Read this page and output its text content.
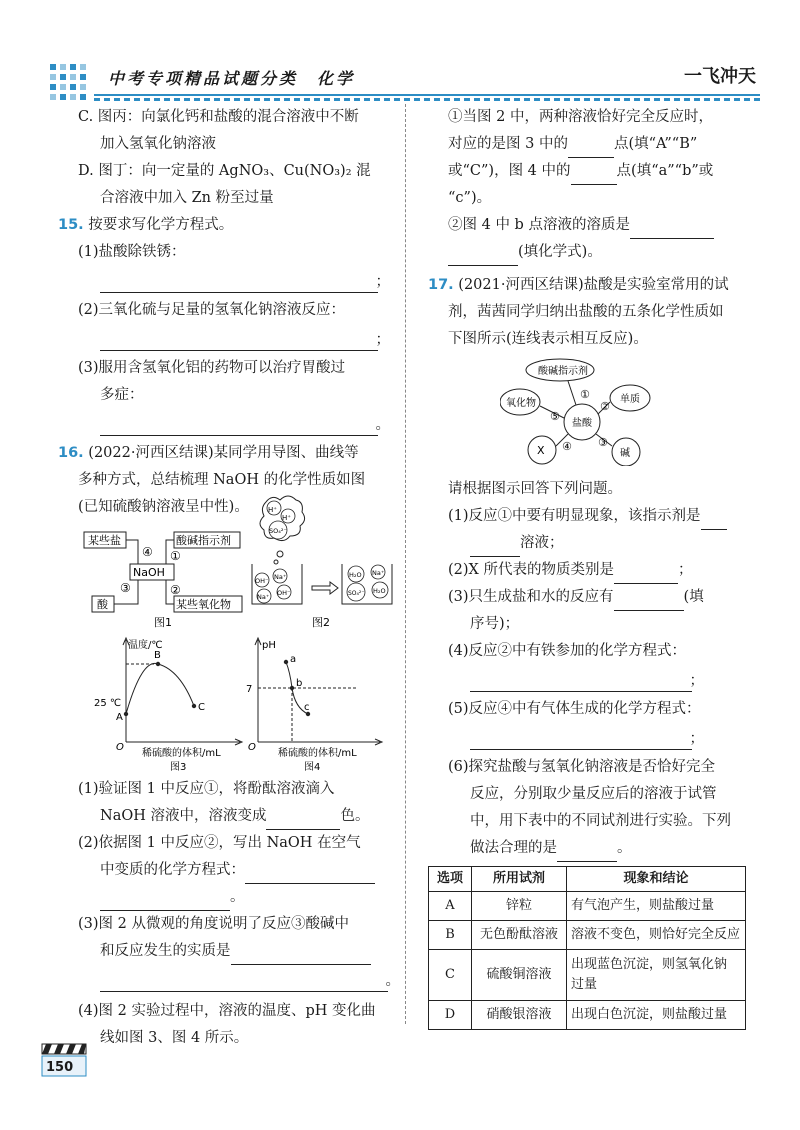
中考专项精品试题分类　化学	一飞冲天

C. 图丙：向氯化钙和盐酸的混合溶液中不断

加入氢氧化钠溶液

D. 图丁：向一定量的 AgNO₃、Cu(NO₃)₂ 混

合溶液中加入 Zn 粉至过量

15. 按要求写化学方程式。

(1)盐酸除铁锈：

；

(2)三氧化硫与足量的氢氧化钠溶液反应：

；

(3)服用含氢氧化铝的药物可以治疗胃酸过

多症：

。

16. (2022·河西区结课)某同学用导图、曲线等

多种方式，总结梳理 NaOH 的化学性质如图

(已知硫酸钠溶液呈中性)。

某些盐	酸碱指示剂
NaOH
酸	某些氧化物
①
②
③
④
图1
H⁺
H⁺
SO₄²⁻
OH⁻ Na⁺
Na⁺ OH⁻
H₂O Na⁺
SO₄²⁻ H₂O
图2
温度/℃
25 ℃
A
B
C
O
稀硫酸的体积/mL
图3
pH
7
a
b
c
O
稀硫酸的体积/mL
图4

(1)验证图 1 中反应①，将酚酞溶液滴入

NaOH 溶液中，溶液变成	色。

(2)依据图 1 中反应②，写出 NaOH 在空气

中变质的化学方程式：

。

(3)图 2 从微观的角度说明了反应③酸碱中

和反应发生的实质是

。

(4)图 2 实验过程中，溶液的温度、pH 变化曲

线如图 3、图 4 所示。

①当图 2 中，两种溶液恰好完全反应时，

对应的是图 3 中的	点(填“A”“B”

或“C”)，图 4 中的	点(填“a”“b”或

“c”)。

②图 4 中 b 点溶液的溶质是

(填化学式)。

17. (2021·河西区结课)盐酸是实验室常用的试

剂，茜茜同学归纳出盐酸的五条化学性质如

下图所示(连线表示相互反应)。

酸碱指示剂
氧化物	单质
盐酸
X	碱
①
②
③
④
⑤

请根据图示回答下列问题。

(1)反应①中要有明显现象，该指示剂是

溶液；

(2)X 所代表的物质类别是	；

(3)只生成盐和水的反应有	(填

序号)；

(4)反应②中有铁参加的化学方程式：

；

(5)反应④中有气体生成的化学方程式：

；

(6)探究盐酸与氢氧化钠溶液是否恰好完全

反应，分别取少量反应后的溶液于试管

中，用下表中的不同试剂进行实验。下列

做法合理的是	。

选项	所用试剂	现象和结论
A	锌粒	有气泡产生，则盐酸过量
B	无色酚酞溶液	溶液不变色，则恰好完全反应
C	硫酸铜溶液	出现蓝色沉淀，则氢氧化钠
过量

D	硝酸银溶液	出现白色沉淀，则盐酸过量
150
